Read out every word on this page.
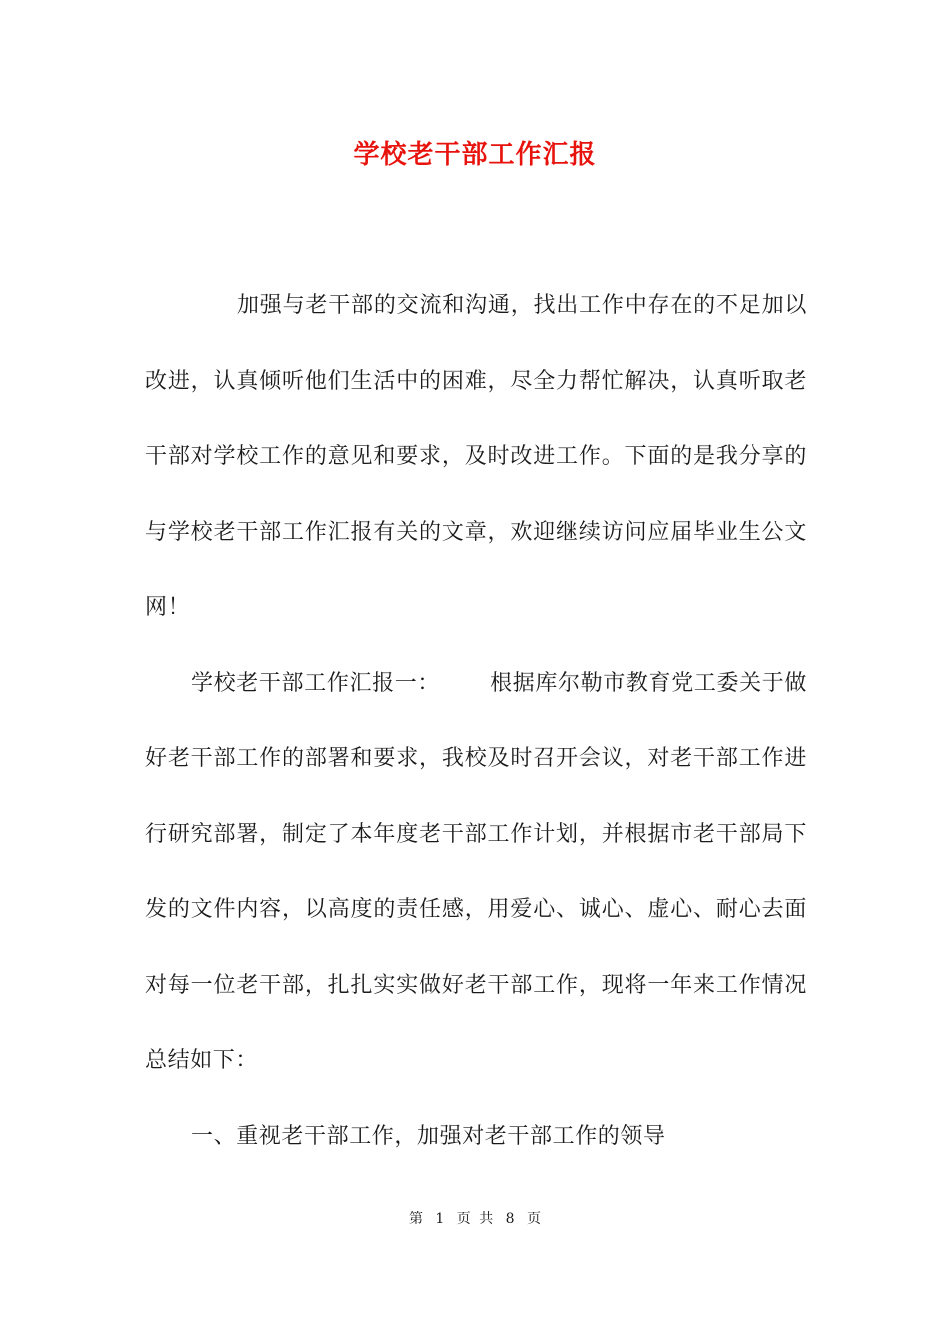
学校老干部工作汇报

加强与老干部的交流和沟通，找出工作中存在的不足加以改进，认真倾听他们生活中的困难，尽全力帮忙解决，认真听取老干部对学校工作的意见和要求，及时改进工作。下面的是我分享的与学校老干部工作汇报有关的文章，欢迎继续访问应届毕业生公文网！

学校老干部工作汇报一： 根据库尔勒市教育党工委关于做好老干部工作的部署和要求，我校及时召开会议，对老干部工作进行研究部署，制定了本年度老干部工作计划，并根据市老干部局下发的文件内容，以高度的责任感，用爱心、诚心、虚心、耐心去面对每一位老干部，扎扎实实做好老干部工作，现将一年来工作情况总结如下：

一、重视老干部工作，加强对老干部工作的领导

第 1 页 共 8 页
